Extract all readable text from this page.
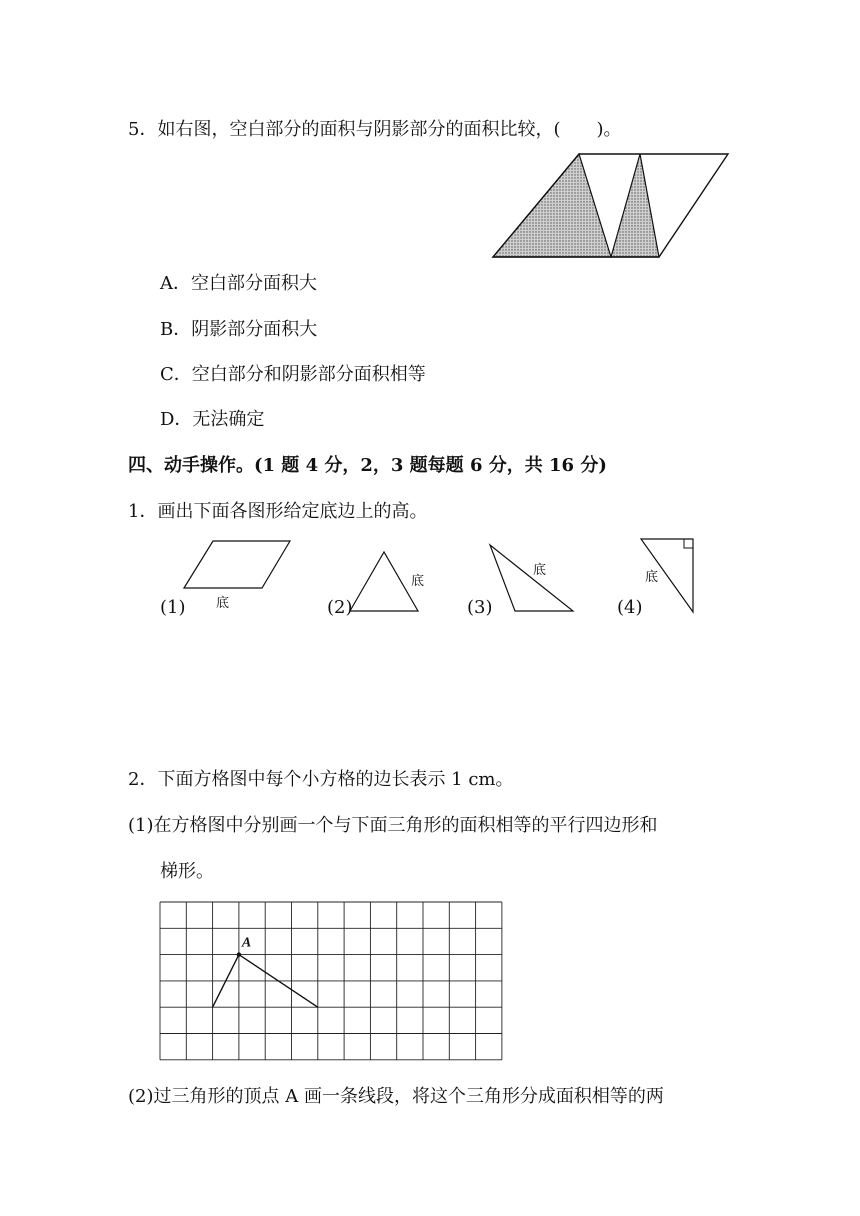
5．如右图，空白部分的面积与阴影部分的面积比较，(　　)。
A．空白部分面积大
B．阴影部分面积大
C．空白部分和阴影部分面积相等
D．无法确定
四、动手操作。(1 题 4 分，2，3 题每题 6 分，共 16 分)
1．画出下面各图形给定底边上的高。
底
(1)
底
(2)
底
(3)
底
(4)
2．下面方格图中每个小方格的边长表示 1 cm。
(1)在方格图中分别画一个与下面三角形的面积相等的平行四边形和
梯形。
A
(2)过三角形的顶点 A 画一条线段，将这个三角形分成面积相等的两
